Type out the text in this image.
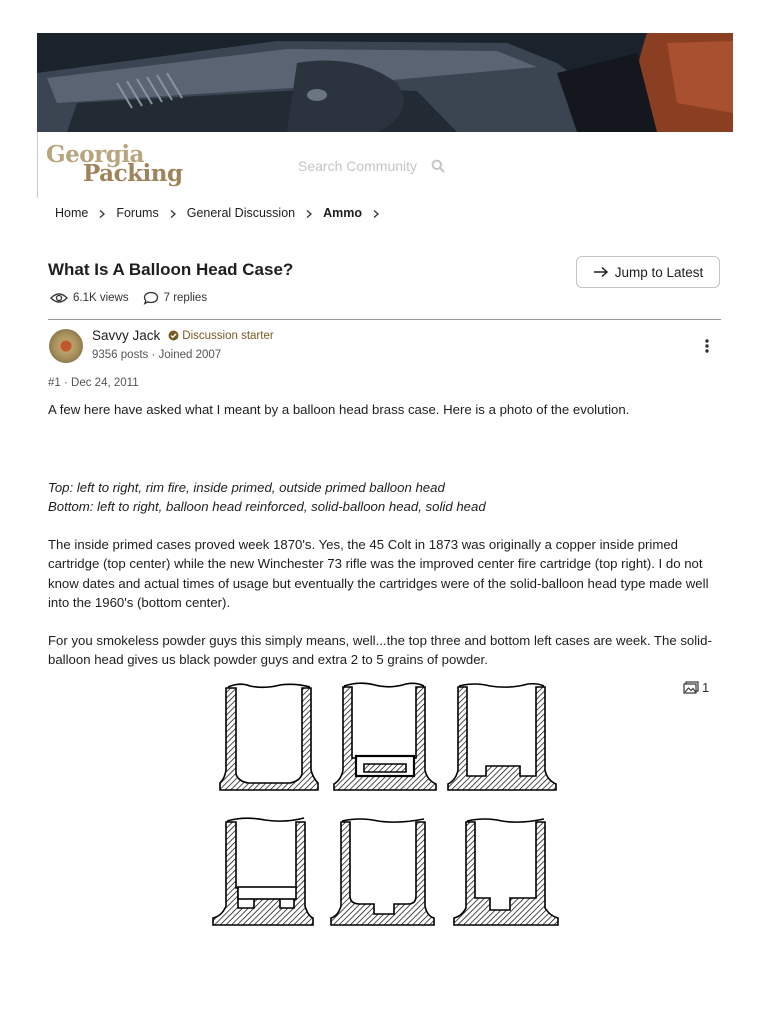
Georgia
Packing	Search Community
Home Forums General Discussion Ammo
What Is A Balloon Head Case?	Jump to Latest
6.1K views	7 replies
Savvy Jack Discussion starter
9356 posts · Joined 2007
#1 · Dec 24, 2011

A few here have asked what I meant by a balloon head brass case. Here is a photo of the evolution.

Top: left to right, rim fire, inside primed, outside primed balloon head
Bottom: left to right, balloon head reinforced, solid-balloon head, solid head

The inside primed cases proved week 1870's. Yes, the 45 Colt in 1873 was originally a copper inside primed cartridge (top center) while the new Winchester 73 rifle was the improved center fire cartridge (top right). I do not know dates and actual times of usage but eventually the cartridges were of the solid-balloon head type made well into the 1960's (bottom center).

For you smokeless powder guys this simply means, well...the top three and bottom left cases are week. The solid-balloon head gives us black powder guys and extra 2 to 5 grains of powder.

1
